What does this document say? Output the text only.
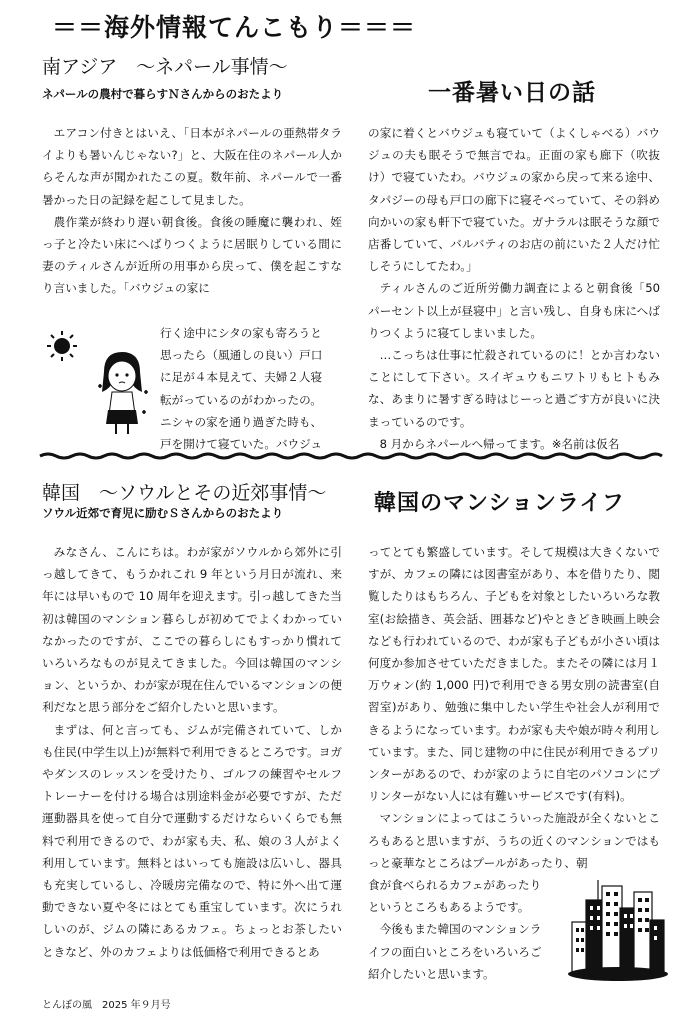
＝＝海外情報てんこもり＝＝＝
南アジア　～ネパール事情～
ネパールの農村で暮らすＮさんからのおたより	一番暑い日の話

エアコン付きとはいえ、「日本がネパールの亜熱帯タライよりも暑いんじゃない?」と、大阪在住のネパール人からそんな声が聞かれたこの夏。数年前、ネパールで一番暑かった日の記録を起こして見ました。

農作業が終わり遅い朝食後。食後の睡魔に襲われ、姪っ子と冷たい床にへばりつくように居眠りしている間に妻のティルさんが近所の用事から戻って、僕を起こすなり言いました。「バウジュの家に

行く途中にシタの家も寄ろうと
思ったら（風通しの良い）戸口
に足が４本見えて、夫婦２人寝
転がっているのがわかったの。
ニシャの家を通り過ぎた時も、
戸を開けて寝ていた。バウジュ

の家に着くとバウジュも寝ていて（よくしゃべる）バウジュの夫も眠そうで無言でね。正面の家も廊下（吹抜け）で寝ていたわ。バウジュの家から戻って来る途中、タパジーの母も戸口の廊下に寝そべっていて、その斜め向かいの家も軒下で寝ていた。ガナラルは眠そうな顔で店番していて、バルバティのお店の前にいた２人だけ忙しそうにしてたわ。」

ティルさんのご近所労働力調査によると朝食後「50 パーセント以上が昼寝中」と言い残し、自身も床にへばりつくように寝てしまいました。

…こっちは仕事に忙殺されているのに！とか言わないことにして下さい。スイギュウもニワトリもヒトもみな、あまりに暑すぎる時はじーっと過ごす方が良いに決まっているのです。

8 月からネパールへ帰ってます。※名前は仮名

韓国　～ソウルとその近郊事情～
ソウル近郊で育児に励むＳさんからのおたより	韓国のマンションライフ

みなさん、こんにちは。わが家がソウルから郊外に引っ越してきて、もうかれこれ 9 年という月日が流れ、来年には早いもので 10 周年を迎えます。引っ越してきた当初は韓国のマンション暮らしが初めてでよくわかっていなかったのですが、ここでの暮らしにもすっかり慣れていろいろなものが見えてきました。今回は韓国のマンション、というか、わが家が現在住んでいるマンションの便利だなと思う部分をご紹介したいと思います。

まずは、何と言っても、ジムが完備されていて、しかも住民(中学生以上)が無料で利用できるところです。ヨガやダンスのレッスンを受けたり、ゴルフの練習やセルフトレーナーを付ける場合は別途料金が必要ですが、ただ運動器具を使って自分で運動するだけならいくらでも無料で利用できるので、わが家も夫、私、娘の３人がよく利用しています。無料とはいっても施設は広いし、器具も充実しているし、冷暖房完備なので、特に外へ出て運動できない夏や冬にはとても重宝しています。次にうれしいのが、ジムの隣にあるカフェ。ちょっとお茶したいときなど、外のカフェよりは低価格で利用できるとあ

ってとても繁盛しています。そして規模は大きくないですが、カフェの隣には図書室があり、本を借りたり、閲覧したりはもちろん、子どもを対象としたいろいろな教室(お絵描き、英会話、囲碁など)やときどき映画上映会なども行われているので、わが家も子どもが小さい頃は何度か参加させていただきました。またその隣には月１万ウォン(約 1,000 円)で利用できる男女別の読書室(自習室)があり、勉強に集中したい学生や社会人が利用できるようになっています。わが家も夫や娘が時々利用しています。また、同じ建物の中に住民が利用できるプリンターがあるので、わが家のように自宅のパソコンにプリンターがない人には有難いサービスです(有料)。

マンションによってはこういった施設が全くないところもあると思いますが、うちの近くのマンションではもっと豪華なところはプールがあったり、朝

食が食べられるカフェがあったり
というところもあるようです。
　今後もまた韓国のマンションラ
イフの面白いところをいろいろご
紹介したいと思います。
とんぼの風　2025 年９月号
